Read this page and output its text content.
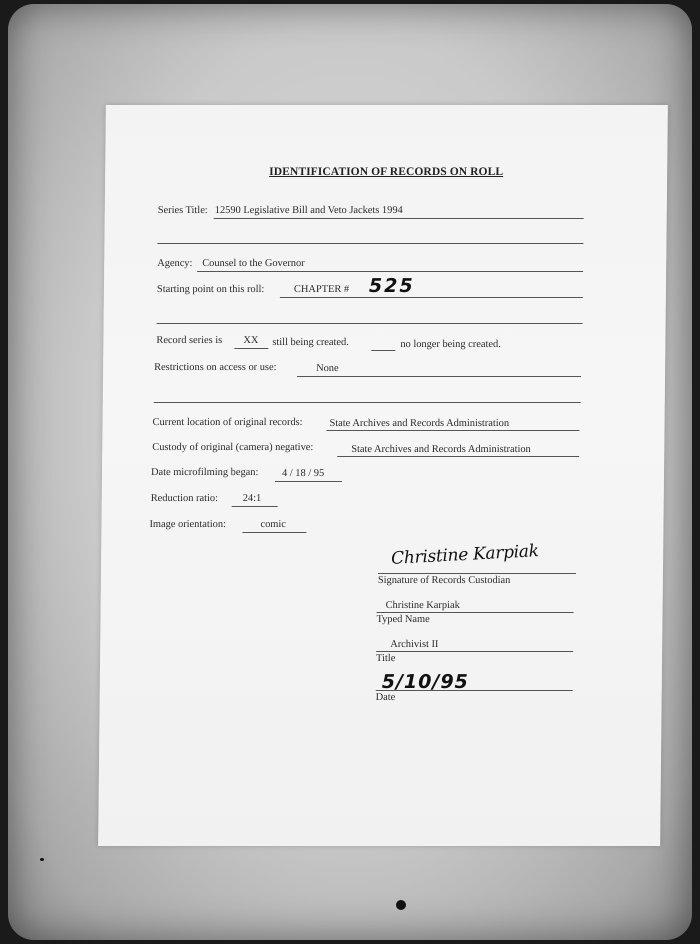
IDENTIFICATION OF RECORDS ON ROLL
Series Title: 12590 Legislative Bill and Veto Jackets 1994
Agency: Counsel to the Governor
Starting point on this roll:	CHAPTER # 525
Record series is XX still being created.	no longer being created.
Restrictions on access or use:	None
Current location of original records:	State Archives and Records Administration
Custody of original (camera) negative:	State Archives and Records Administration
Date microfilming began: 4 / 18 / 95
Reduction ratio: 24:1
Image orientation:	comic
Christine Karpiak
Signature of Records Custodian
Christine Karpiak
Typed Name
Archivist II
Title
5/10/95
Date
